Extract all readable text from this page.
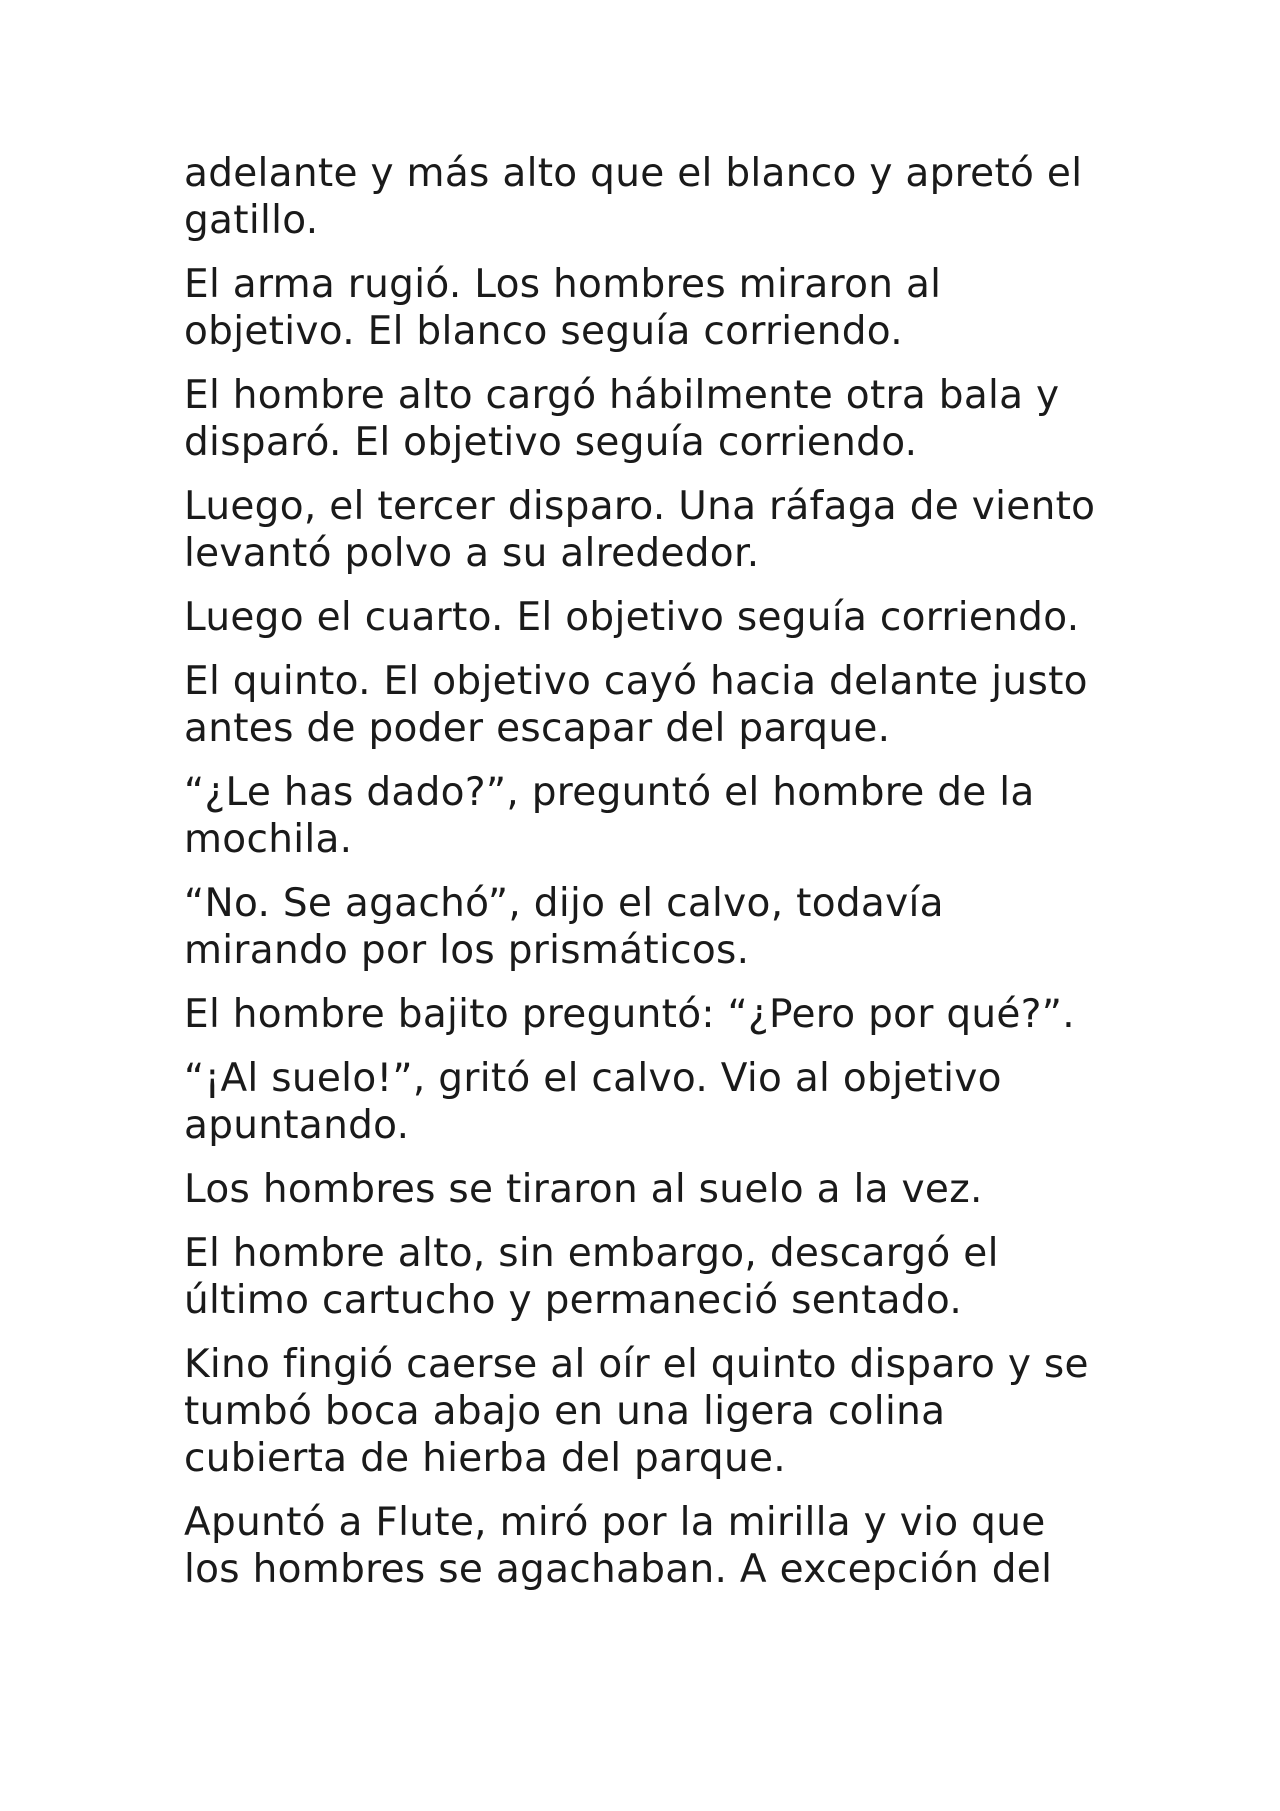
adelante y más alto que el blanco y apretó el
gatillo.

El arma rugió. Los hombres miraron al
objetivo. El blanco seguía corriendo.

El hombre alto cargó hábilmente otra bala y
disparó. El objetivo seguía corriendo.

Luego, el tercer disparo. Una ráfaga de viento
levantó polvo a su alrededor.

Luego el cuarto. El objetivo seguía corriendo.

El quinto. El objetivo cayó hacia delante justo
antes de poder escapar del parque.

“¿Le has dado?”, preguntó el hombre de la
mochila.

“No. Se agachó”, dijo el calvo, todavía
mirando por los prismáticos.

El hombre bajito preguntó: “¿Pero por qué?”.

“¡Al suelo!”, gritó el calvo. Vio al objetivo
apuntando.

Los hombres se tiraron al suelo a la vez.

El hombre alto, sin embargo, descargó el
último cartucho y permaneció sentado.

Kino fingió caerse al oír el quinto disparo y se
tumbó boca abajo en una ligera colina
cubierta de hierba del parque.

Apuntó a Flute, miró por la mirilla y vio que
los hombres se agachaban. A excepción del
